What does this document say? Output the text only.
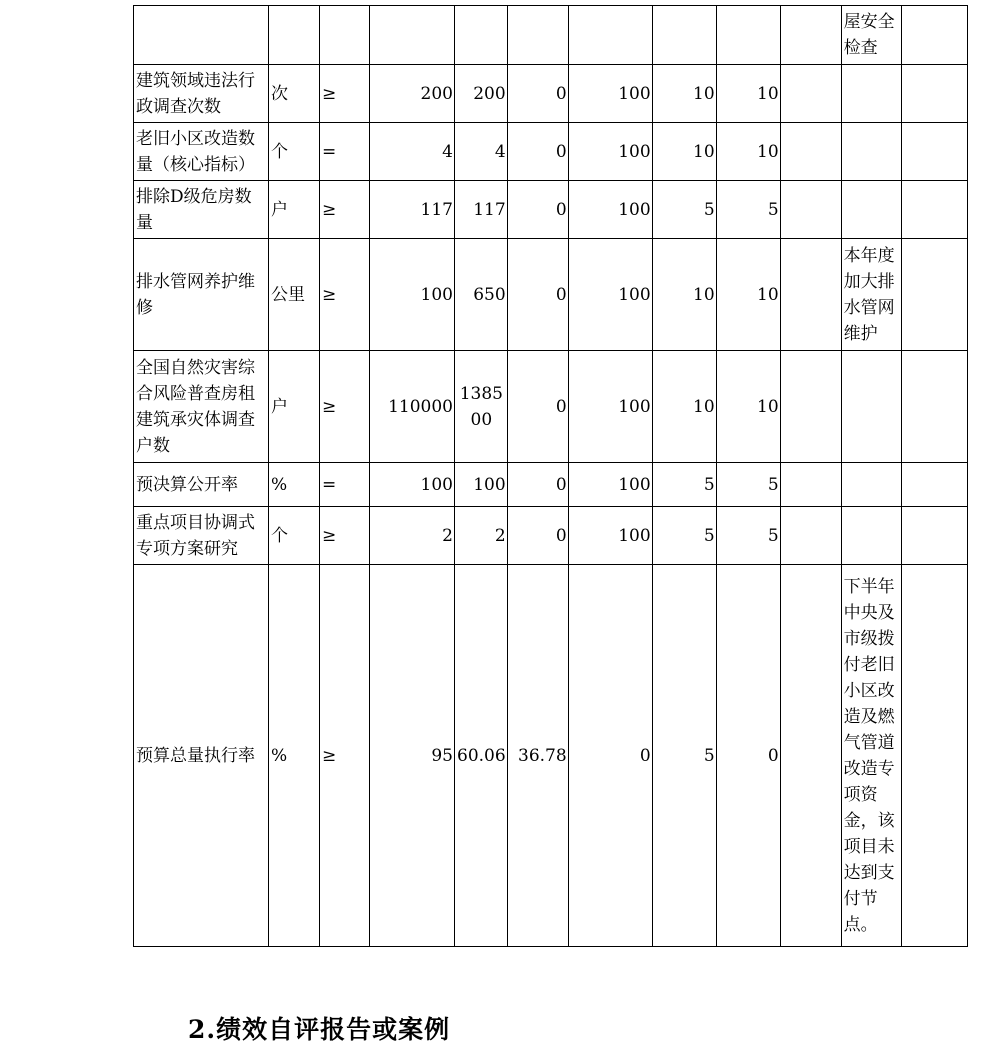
										屋安全检查	
建筑领域违法行政调查次数	次	≥	200	200	0	100	10	10			
老旧小区改造数量（核心指标）	个	=	4	4	0	100	10	10			
排除D级危房数量	户	≥	117	117	0	100	5	5			
排水管网养护维修	公里	≥	100	650	0	100	10	10		本年度加大排水管网维护	
全国自然灾害综合风险普查房租建筑承灾体调查户数	户	≥	110000	138500	0	100	10	10			
预决算公开率	%	=	100	100	0	100	5	5			
重点项目协调式专项方案研究	个	≥	2	2	0	100	5	5			
预算总量执行率	%	≥	95	60.06	36.78	0	5	0		下半年中央及市级拨付老旧小区改造及燃气管道改造专项资金，该项目未达到支付节点。	
2.绩效自评报告或案例
